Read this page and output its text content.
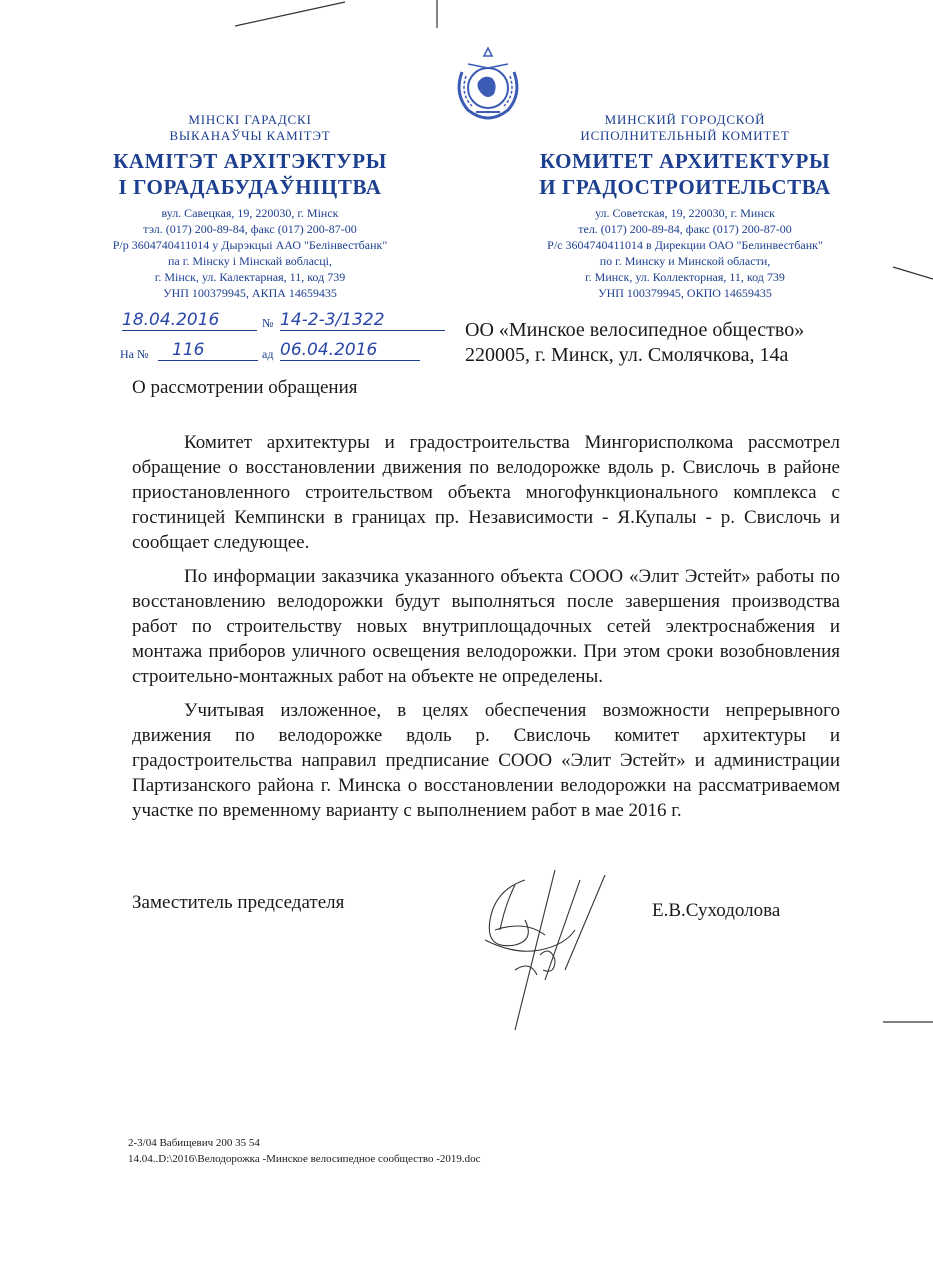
МІНСКІ ГАРАДСКІ
ВЫКАНАЎЧЫ КАМІТЭТ
КАМІТЭТ АРХІТЭКТУРЫ
І ГОРАДАБУДАЎНІЦТВА
вул. Савецкая, 19, 220030, г. Мінск
тэл. (017) 200-89-84, факс (017) 200-87-00
Р/р 3604740411014 у Дырэкцыі ААО "Белінвестбанк"
па г. Мінску і Мінскай вобласці,
г. Мінск, ул. Калектарная, 11, код 739
УНП 100379945, АКПА 14659435
МИНСКИЙ ГОРОДСКОЙ
ИСПОЛНИТЕЛЬНЫЙ КОМИТЕТ
КОМИТЕТ АРХИТЕКТУРЫ
И ГРАДОСТРОИТЕЛЬСТВА
ул. Советская, 19, 220030, г. Минск
тел. (017) 200-89-84, факс (017) 200-87-00
Р/с 3604740411014 в Дирекции ОАО "Белинвестбанк"
по г. Минску и Минской области,
г. Минск, ул. Коллекторная, 11, код 739
УНП 100379945, ОКПО 14659435
18.04.2016	№ 14-2-3/1322
На №	116	ад 06.04.2016
ОО «Минское велосипедное общество»
220005, г. Минск, ул. Смолячкова, 14а
О рассмотрении обращения

Комитет архитектуры и градостроительства Мингорисполкома рассмотрел обращение о восстановлении движения по велодорожке вдоль р. Свислочь в районе приостановленного строительством объекта многофункционального комплекса с гостиницей Кемпински в границах пр. Независимости - Я.Купалы - р. Свислочь и сообщает следующее.

По информации заказчика указанного объекта СООО «Элит Эстейт» работы по восстановлению велодорожки будут выполняться после завершения производства работ по строительству новых внутриплощадочных сетей электроснабжения и монтажа приборов уличного освещения велодорожки. При этом сроки возобновления строительно-монтажных работ на объекте не определены.

Учитывая изложенное, в целях обеспечения возможности непрерывного движения по велодорожке вдоль р. Свислочь комитет архитектуры и градостроительства направил предписание СООО «Элит Эстейт» и администрации Партизанского района г. Минска о восстановлении велодорожки на рассматриваемом участке по временному варианту с выполнением работ в мае 2016 г.

Заместитель председателя	Е.В.Суходолова
2-3/04 Вабищевич 200 35 54
14.04..D:\2016\Велодорожка -Минское велосипедное сообщество -2019.doc
